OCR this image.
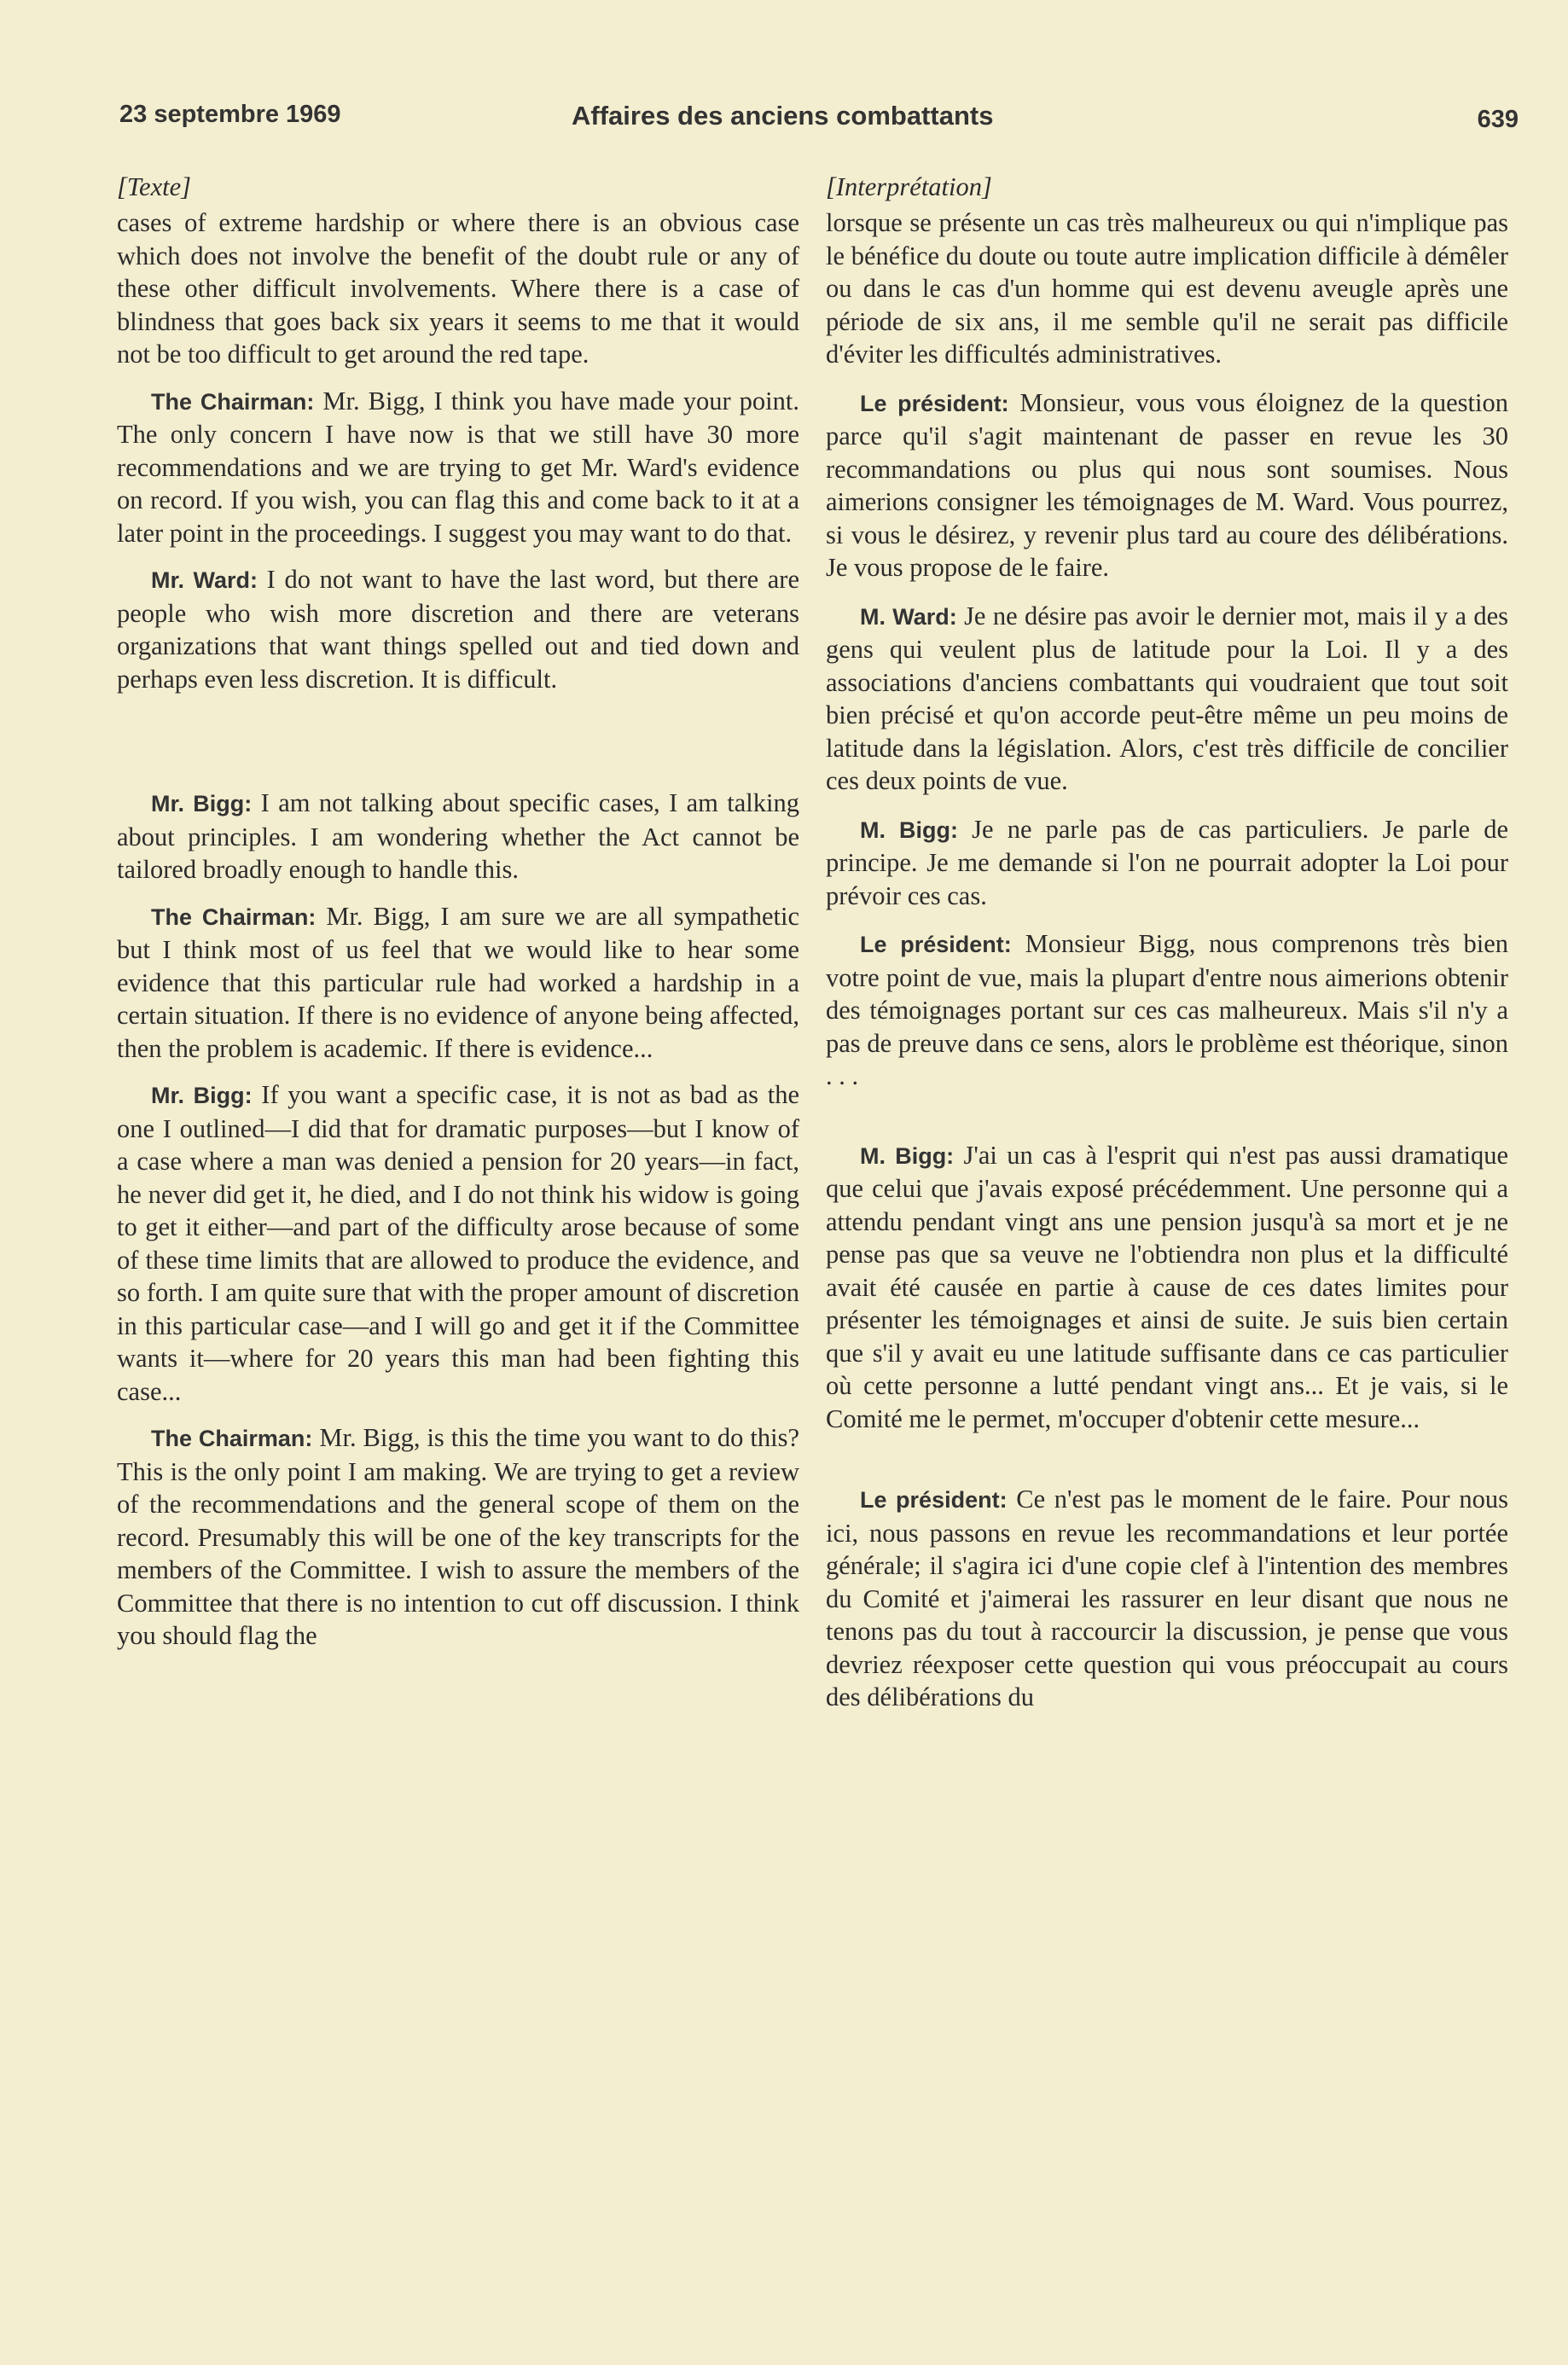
23 septembre 1969	Affaires des anciens combattants	639
[Texte]

cases of extreme hardship or where there is an obvious case which does not involve the benefit of the doubt rule or any of these other difficult involvements. Where there is a case of blindness that goes back six years it seems to me that it would not be too difficult to get around the red tape.

The Chairman: Mr. Bigg, I think you have made your point. The only concern I have now is that we still have 30 more recommendations and we are trying to get Mr. Ward's evidence on record. If you wish, you can flag this and come back to it at a later point in the proceedings. I suggest you may want to do that.

Mr. Ward: I do not want to have the last word, but there are people who wish more discretion and there are veterans organizations that want things spelled out and tied down and perhaps even less discretion. It is difficult.

Mr. Bigg: I am not talking about specific cases, I am talking about principles. I am wondering whether the Act cannot be tailored broadly enough to handle this.

The Chairman: Mr. Bigg, I am sure we are all sympathetic but I think most of us feel that we would like to hear some evidence that this particular rule had worked a hardship in a certain situation. If there is no evidence of anyone being affected, then the problem is academic. If there is evidence...

Mr. Bigg: If you want a specific case, it is not as bad as the one I outlined—I did that for dramatic purposes—but I know of a case where a man was denied a pension for 20 years—in fact, he never did get it, he died, and I do not think his widow is going to get it either—and part of the difficulty arose because of some of these time limits that are allowed to produce the evidence, and so forth. I am quite sure that with the proper amount of discretion in this particular case—and I will go and get it if the Committee wants it—where for 20 years this man had been fighting this case...

The Chairman: Mr. Bigg, is this the time you want to do this? This is the only point I am making. We are trying to get a review of the recommendations and the general scope of them on the record. Presumably this will be one of the key transcripts for the members of the Committee. I wish to assure the members of the Committee that there is no intention to cut off discussion. I think you should flag the

[Interprétation]

lorsque se présente un cas très malheureux ou qui n'implique pas le bénéfice du doute ou toute autre implication difficile à démêler ou dans le cas d'un homme qui est devenu aveugle après une période de six ans, il me semble qu'il ne serait pas difficile d'éviter les difficultés administratives.

Le président: Monsieur, vous vous éloignez de la question parce qu'il s'agit maintenant de passer en revue les 30 recommandations ou plus qui nous sont soumises. Nous aimerions consigner les témoignages de M. Ward. Vous pourrez, si vous le désirez, y revenir plus tard au coure des délibérations. Je vous propose de le faire.

M. Ward: Je ne désire pas avoir le dernier mot, mais il y a des gens qui veulent plus de latitude pour la Loi. Il y a des associations d'anciens combattants qui voudraient que tout soit bien précisé et qu'on accorde peut-être même un peu moins de latitude dans la législation. Alors, c'est très difficile de concilier ces deux points de vue.

M. Bigg: Je ne parle pas de cas particuliers. Je parle de principe. Je me demande si l'on ne pourrait adopter la Loi pour prévoir ces cas.

Le président: Monsieur Bigg, nous comprenons très bien votre point de vue, mais la plupart d'entre nous aimerions obtenir des témoignages portant sur ces cas malheureux. Mais s'il n'y a pas de preuve dans ce sens, alors le problème est théorique, sinon . . .

M. Bigg: J'ai un cas à l'esprit qui n'est pas aussi dramatique que celui que j'avais exposé précédemment. Une personne qui a attendu pendant vingt ans une pension jusqu'à sa mort et je ne pense pas que sa veuve ne l'obtiendra non plus et la difficulté avait été causée en partie à cause de ces dates limites pour présenter les témoignages et ainsi de suite. Je suis bien certain que s'il y avait eu une latitude suffisante dans ce cas particulier où cette personne a lutté pendant vingt ans... Et je vais, si le Comité me le permet, m'occuper d'obtenir cette mesure...

Le président: Ce n'est pas le moment de le faire. Pour nous ici, nous passons en revue les recommandations et leur portée générale; il s'agira ici d'une copie clef à l'intention des membres du Comité et j'aimerai les rassurer en leur disant que nous ne tenons pas du tout à raccourcir la discussion, je pense que vous devriez réexposer cette question qui vous préoccupait au cours des délibérations du
